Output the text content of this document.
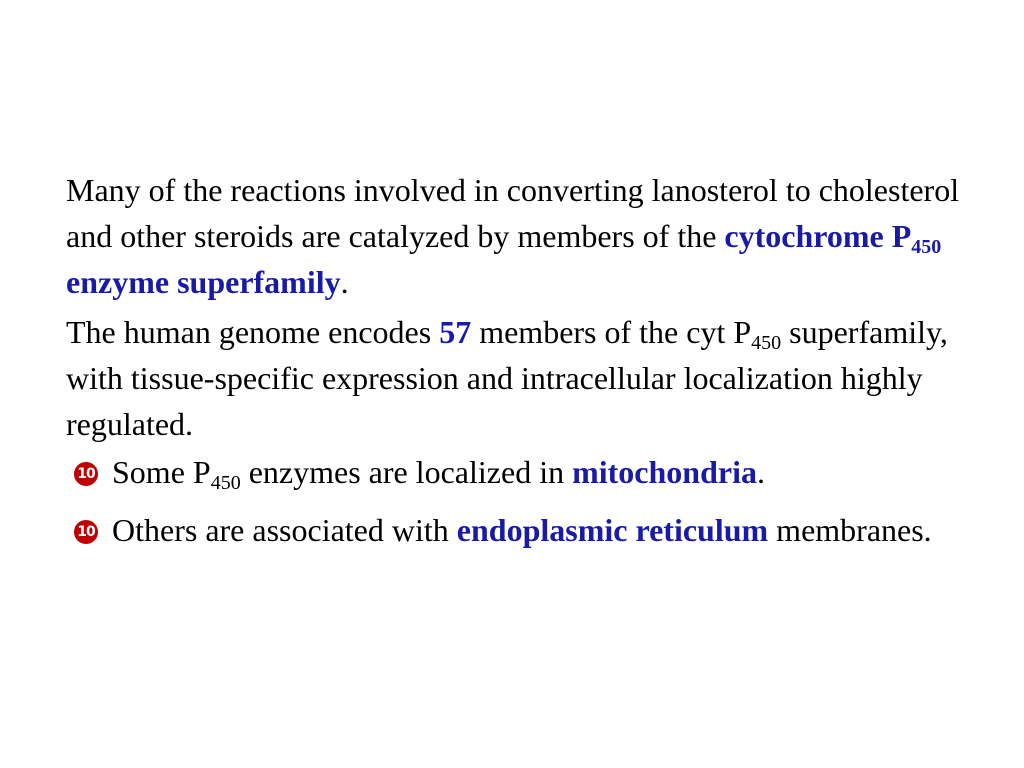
Many of the reactions involved in converting lanosterol to cholesterol and other steroids are catalyzed by members of the cytochrome $P_{450}$ enzyme superfamily.

The human genome encodes 57 members of the cyt $P_{450}$ superfamily, with tissue-specific expression and intracellular localization highly regulated.

10 Some $P_{450}$ enzymes are localized in mitochondria.
10 Others are associated with endoplasmic reticulum membranes.
